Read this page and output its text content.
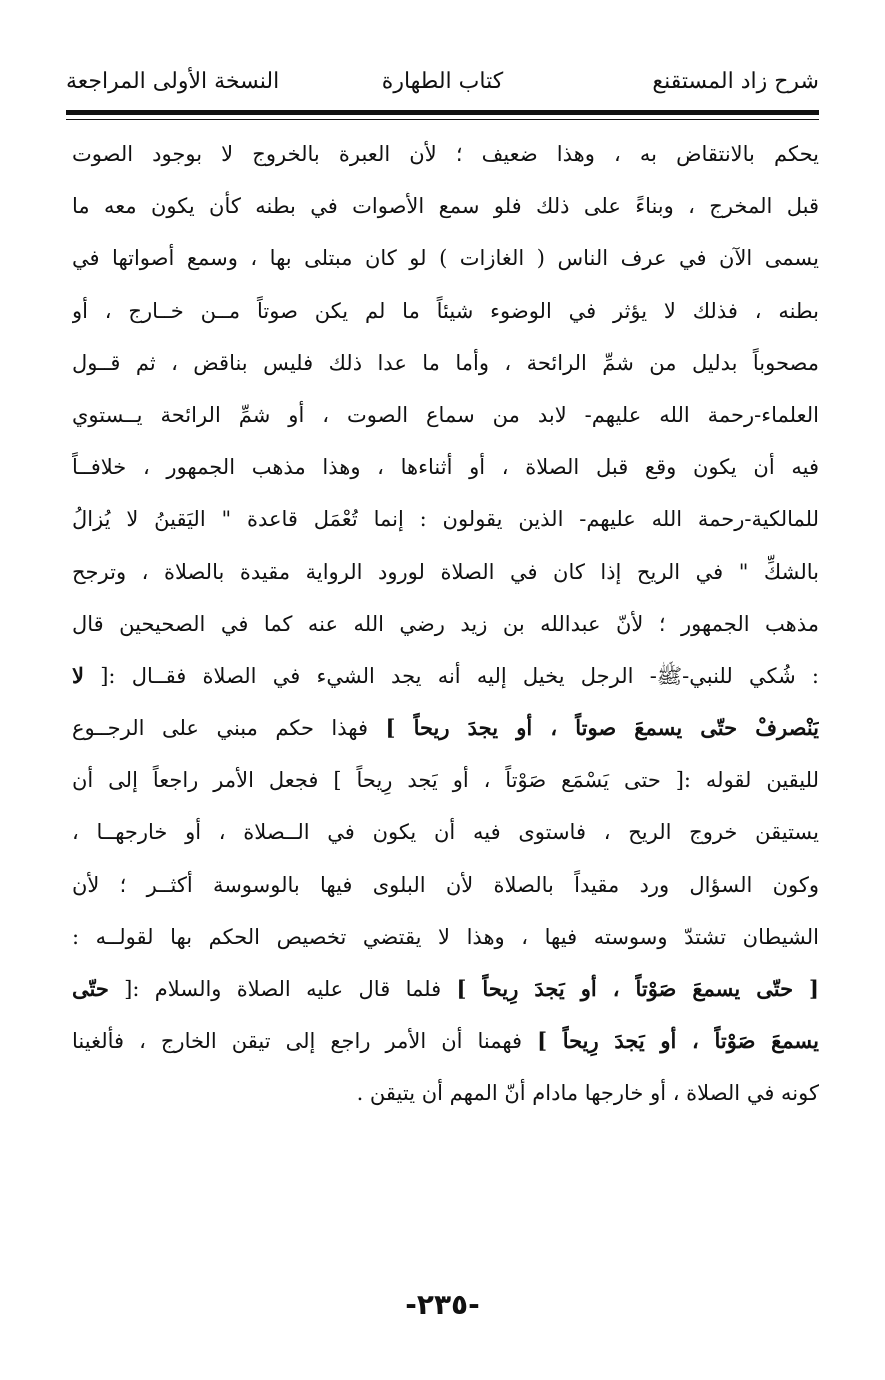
شرح زاد المستقنع
كتاب الطهارة
النسخة الأولى المراجعة
يحكم بالانتقاض به ، وهذا ضعيف ؛ لأن العبرة بالخروج لا بوجود الصوت
قبل المخرج ، وبناءً على ذلك فلو سمع الأصوات في بطنه كأن يكون معه ما
يسمى الآن في عرف الناس ( الغازات ) لو كان مبتلى بها ، وسمع أصواتها في
بطنه ، فذلك لا يؤثر في الوضوء شيئاً ما لم يكن صوتاً مــن خــارج ، أو
مصحوباً بدليل من شمِّ الرائحة ، وأما ما عدا ذلك فليس بناقض ، ثم قــول
العلماء-رحمة الله عليهم- لابد من سماع الصوت ، أو شمِّ الرائحة يــستوي
فيه أن يكون وقع قبل الصلاة ، أو أثناءها ، وهذا مذهب الجمهور ، خلافــاً
للمالكية-رحمة الله عليهم- الذين يقولون : إنما تُعْمَل قاعدة " اليَقينُ لا يُزالُ
بالشكِّ " في الريح إذا كان في الصلاة لورود الرواية مقيدة بالصلاة ، وترجح
مذهب الجمهور ؛ لأنّ عبدالله بن زيد رضي الله عنه كما في الصحيحين قال
: شُكي للنبي-ﷺ- الرجل يخيل إليه أنه يجد الشيء في الصلاة فقــال :[ لا
يَنْصرفْ حتّى يسمعَ صوتاً ، أو يجدَ ريحاً ] فهذا حكم مبني على الرجــوع
لليقين لقوله :[ حتى يَسْمَع صَوْتاً ، أو يَجد رِيحاً ] فجعل الأمر راجعاً إلى أن
يستيقن خروج الريح ، فاستوى فيه أن يكون في الــصلاة ، أو خارجهــا ،
وكون السؤال ورد مقيداً بالصلاة لأن البلوى فيها بالوسوسة أكثــر ؛ لأن
الشيطان تشتدّ وسوسته فيها ، وهذا لا يقتضي تخصيص الحكم بها لقولــه :
[ حتّى يسمعَ صَوْتاً ، أو يَجدَ رِيحاً ] فلما قال عليه الصلاة والسلام :[ حتّى
يسمعَ صَوْتاً ، أو يَجدَ رِيحاً ] فهمنا أن الأمر راجع إلى تيقن الخارج ، فألغينا
كونه في الصلاة ، أو خارجها مادام أنّ المهم أن يتيقن .
-٢٣٥-
